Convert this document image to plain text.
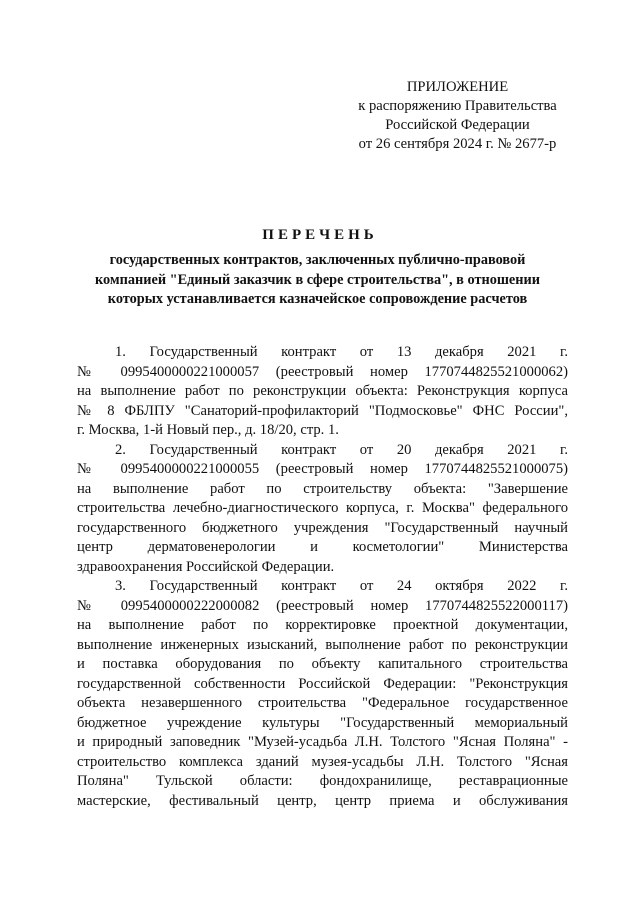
ПРИЛОЖЕНИЕ
к распоряжению Правительства
Российской Федерации
от 26 сентября 2024 г. № 2677-р
ПЕРЕЧЕНЬ
государственных контрактов, заключенных публично-правовой
компанией "Единый заказчик в сфере строительства", в отношении
которых устанавливается казначейское сопровождение расчетов
1. Государственный контракт от 13 декабря 2021 г.
№ 0995400000221000057 (реестровый номер 1770744825521000062)
на выполнение работ по реконструкции объекта: Реконструкция корпуса
№ 8 ФБЛПУ "Санаторий-профилакторий "Подмосковье" ФНС России",
г. Москва, 1-й Новый пер., д. 18/20, стр. 1.
2. Государственный контракт от 20 декабря 2021 г.
№ 0995400000221000055 (реестровый номер 1770744825521000075)
на выполнение работ по строительству объекта: "Завершение
строительства лечебно-диагностического корпуса, г. Москва" федерального
государственного бюджетного учреждения "Государственный научный
центр дерматовенерологии и косметологии" Министерства
здравоохранения Российской Федерации.
3. Государственный контракт от 24 октября 2022 г.
№ 0995400000222000082 (реестровый номер 1770744825522000117)
на выполнение работ по корректировке проектной документации,
выполнение инженерных изысканий, выполнение работ по реконструкции
и поставка оборудования по объекту капитального строительства
государственной собственности Российской Федерации: "Реконструкция
объекта незавершенного строительства "Федеральное государственное
бюджетное учреждение культуры "Государственный мемориальный
и природный заповедник "Музей-усадьба Л.Н. Толстого "Ясная Поляна" -
строительство комплекса зданий музея-усадьбы Л.Н. Толстого "Ясная
Поляна" Тульской области: фондохранилище, реставрационные
мастерские, фестивальный центр, центр приема и обслуживания
